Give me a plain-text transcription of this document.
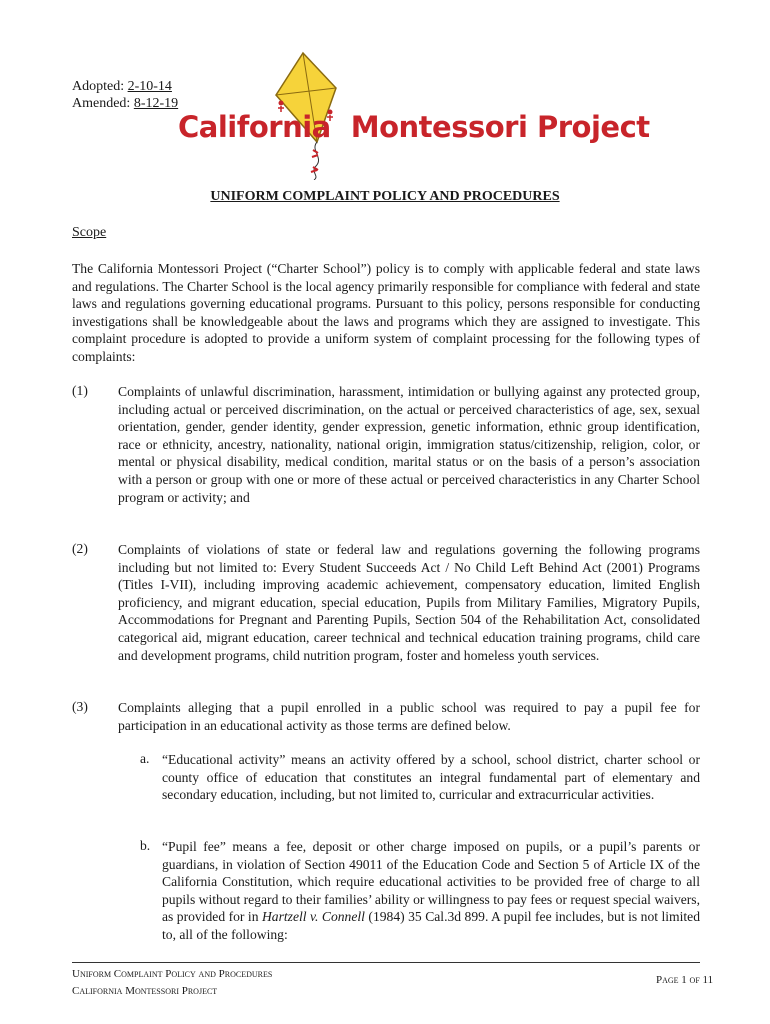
Adopted: 2-10-14
Amended: 8-12-19
California Montessori Project
UNIFORM COMPLAINT POLICY AND PROCEDURES
Scope

The California Montessori Project (“Charter School”) policy is to comply with applicable federal and state laws and regulations. The Charter School is the local agency primarily responsible for compliance with federal and state laws and regulations governing educational programs. Pursuant to this policy, persons responsible for conducting investigations shall be knowledgeable about the laws and programs which they are assigned to investigate. This complaint procedure is adopted to provide a uniform system of complaint processing for the following types of complaints:

(1) Complaints of unlawful discrimination, harassment, intimidation or bullying against any protected group, including actual or perceived discrimination, on the actual or perceived characteristics of age, sex, sexual orientation, gender, gender identity, gender expression, genetic information, ethnic group identification, race or ethnicity, ancestry, nationality, national origin, immigration status/citizenship, religion, color, or mental or physical disability, medical condition, marital status or on the basis of a person’s association with a person or group with one or more of these actual or perceived characteristics in any Charter School program or activity; and

(2) Complaints of violations of state or federal law and regulations governing the following programs including but not limited to: Every Student Succeeds Act / No Child Left Behind Act (2001) Programs (Titles I-VII), including improving academic achievement, compensatory education, limited English proficiency, and migrant education, special education, Pupils from Military Families, Migratory Pupils, Accommodations for Pregnant and Parenting Pupils, Section 504 of the Rehabilitation Act, consolidated categorical aid, migrant education, career technical and technical education training programs, child care and development programs, child nutrition program, foster and homeless youth services.

(3) Complaints alleging that a pupil enrolled in a public school was required to pay a pupil fee for participation in an educational activity as those terms are defined below.

a. “Educational activity” means an activity offered by a school, school district, charter school or county office of education that constitutes an integral fundamental part of elementary and secondary education, including, but not limited to, curricular and extracurricular activities.

b. “Pupil fee” means a fee, deposit or other charge imposed on pupils, or a pupil’s parents or guardians, in violation of Section 49011 of the Education Code and Section 5 of Article IX of the California Constitution, which require educational activities to be provided free of charge to all pupils without regard to their families’ ability or willingness to pay fees or request special waivers, as provided for in Hartzell v. Connell (1984) 35 Cal.3d 899. A pupil fee includes, but is not limited to, all of the following:

Uniform Complaint Policy and Procedures
California Montessori Project
Page 1 of 11
